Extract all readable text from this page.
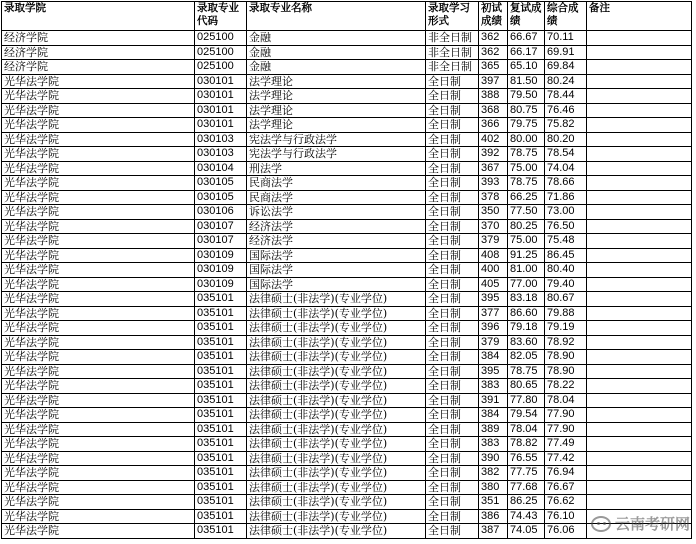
录取学院	录取专业代码	录取专业名称	录取学习形式	初试成绩	复试成绩	综合成绩	备注
经济学院	025100	金融	非全日制	362	66.67	70.11	
经济学院	025100	金融	非全日制	362	66.17	69.91	
经济学院	025100	金融	非全日制	365	65.10	69.84	
光华法学院	030101	法学理论	全日制	397	81.50	80.24	
光华法学院	030101	法学理论	全日制	388	79.50	78.44	
光华法学院	030101	法学理论	全日制	368	80.75	76.46	
光华法学院	030101	法学理论	全日制	366	79.75	75.82	
光华法学院	030103	宪法学与行政法学	全日制	402	80.00	80.20	
光华法学院	030103	宪法学与行政法学	全日制	392	78.75	78.54	
光华法学院	030104	刑法学	全日制	367	75.00	74.04	
光华法学院	030105	民商法学	全日制	393	78.75	78.66	
光华法学院	030105	民商法学	全日制	378	66.25	71.86	
光华法学院	030106	诉讼法学	全日制	350	77.50	73.00	
光华法学院	030107	经济法学	全日制	370	80.25	76.50	
光华法学院	030107	经济法学	全日制	379	75.00	75.48	
光华法学院	030109	国际法学	全日制	408	91.25	86.45	
光华法学院	030109	国际法学	全日制	400	81.00	80.40	
光华法学院	030109	国际法学	全日制	405	77.00	79.40	
光华法学院	035101	法律硕士(非法学)(专业学位)	全日制	395	83.18	80.67	
光华法学院	035101	法律硕士(非法学)(专业学位)	全日制	377	86.60	79.88	
光华法学院	035101	法律硕士(非法学)(专业学位)	全日制	396	79.18	79.19	
光华法学院	035101	法律硕士(非法学)(专业学位)	全日制	379	83.60	78.92	
光华法学院	035101	法律硕士(非法学)(专业学位)	全日制	384	82.05	78.90	
光华法学院	035101	法律硕士(非法学)(专业学位)	全日制	395	78.75	78.90	
光华法学院	035101	法律硕士(非法学)(专业学位)	全日制	383	80.65	78.22	
光华法学院	035101	法律硕士(非法学)(专业学位)	全日制	391	77.80	78.04	
光华法学院	035101	法律硕士(非法学)(专业学位)	全日制	384	79.54	77.90	
光华法学院	035101	法律硕士(非法学)(专业学位)	全日制	389	78.04	77.90	
光华法学院	035101	法律硕士(非法学)(专业学位)	全日制	383	78.82	77.49	
光华法学院	035101	法律硕士(非法学)(专业学位)	全日制	390	76.55	77.42	
光华法学院	035101	法律硕士(非法学)(专业学位)	全日制	382	77.75	76.94	
光华法学院	035101	法律硕士(非法学)(专业学位)	全日制	380	77.68	76.67	
光华法学院	035101	法律硕士(非法学)(专业学位)	全日制	351	86.25	76.62	
光华法学院	035101	法律硕士(非法学)(专业学位)	全日制	386	74.43	76.10	
光华法学院	035101	法律硕士(非法学)(专业学位)	全日制	387	74.05	76.06		云南考研网
